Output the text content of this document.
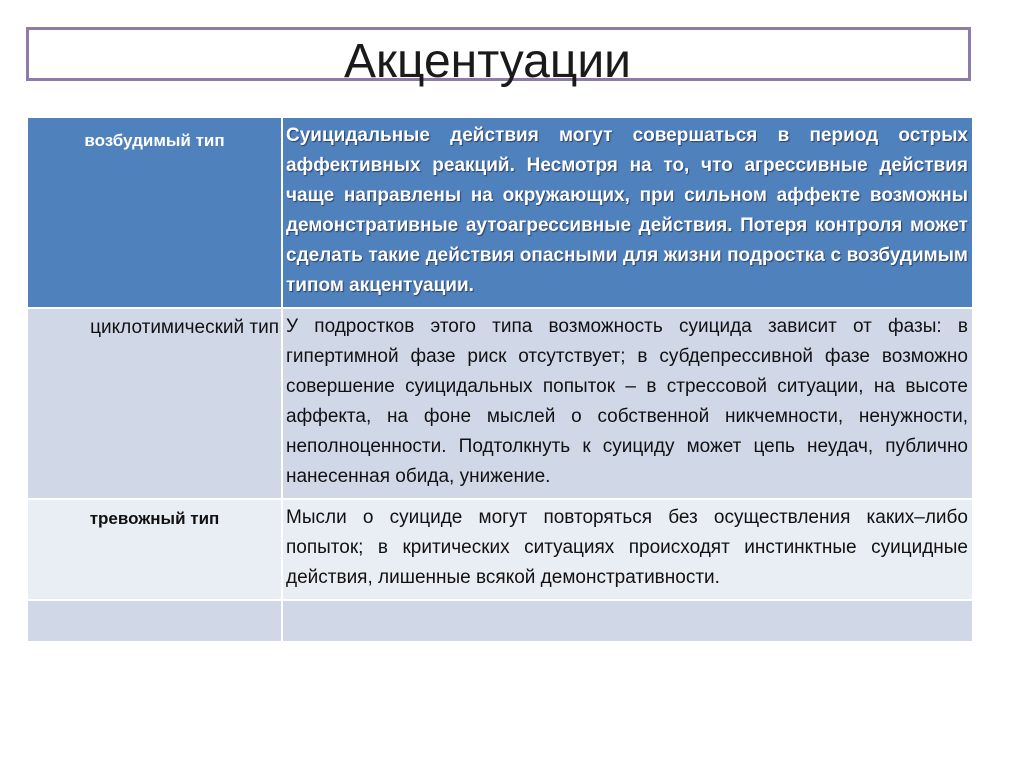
Акцентуации
возбудимый тип	Суицидальные действия могут совершаться в период острых аффективных реакций. Несмотря на то, что агрессивные действия чаще направлены на окружающих, при сильном аффекте возможны демонстративные аутоагрессивные действия. Потеря контроля может сделать такие действия опасными для жизни подростка с возбудимым типом акцентуации.
циклотимический тип	У подростков этого типа возможность суицида зависит от фазы: в гипертимной фазе риск отсутствует; в субдепрессивной фазе возможно совершение суицидальных попыток – в стрессовой ситуации, на высоте аффекта, на фоне мыслей о собственной никчемности, ненужности, неполноценности. Подтолкнуть к суициду может цепь неудач, публично нанесенная обида, унижение.
тревожный тип	Мысли о суициде могут повторяться без осуществления каких–либо попыток; в критических ситуациях происходят инстинктные суицидные действия, лишенные всякой демонстративности.
